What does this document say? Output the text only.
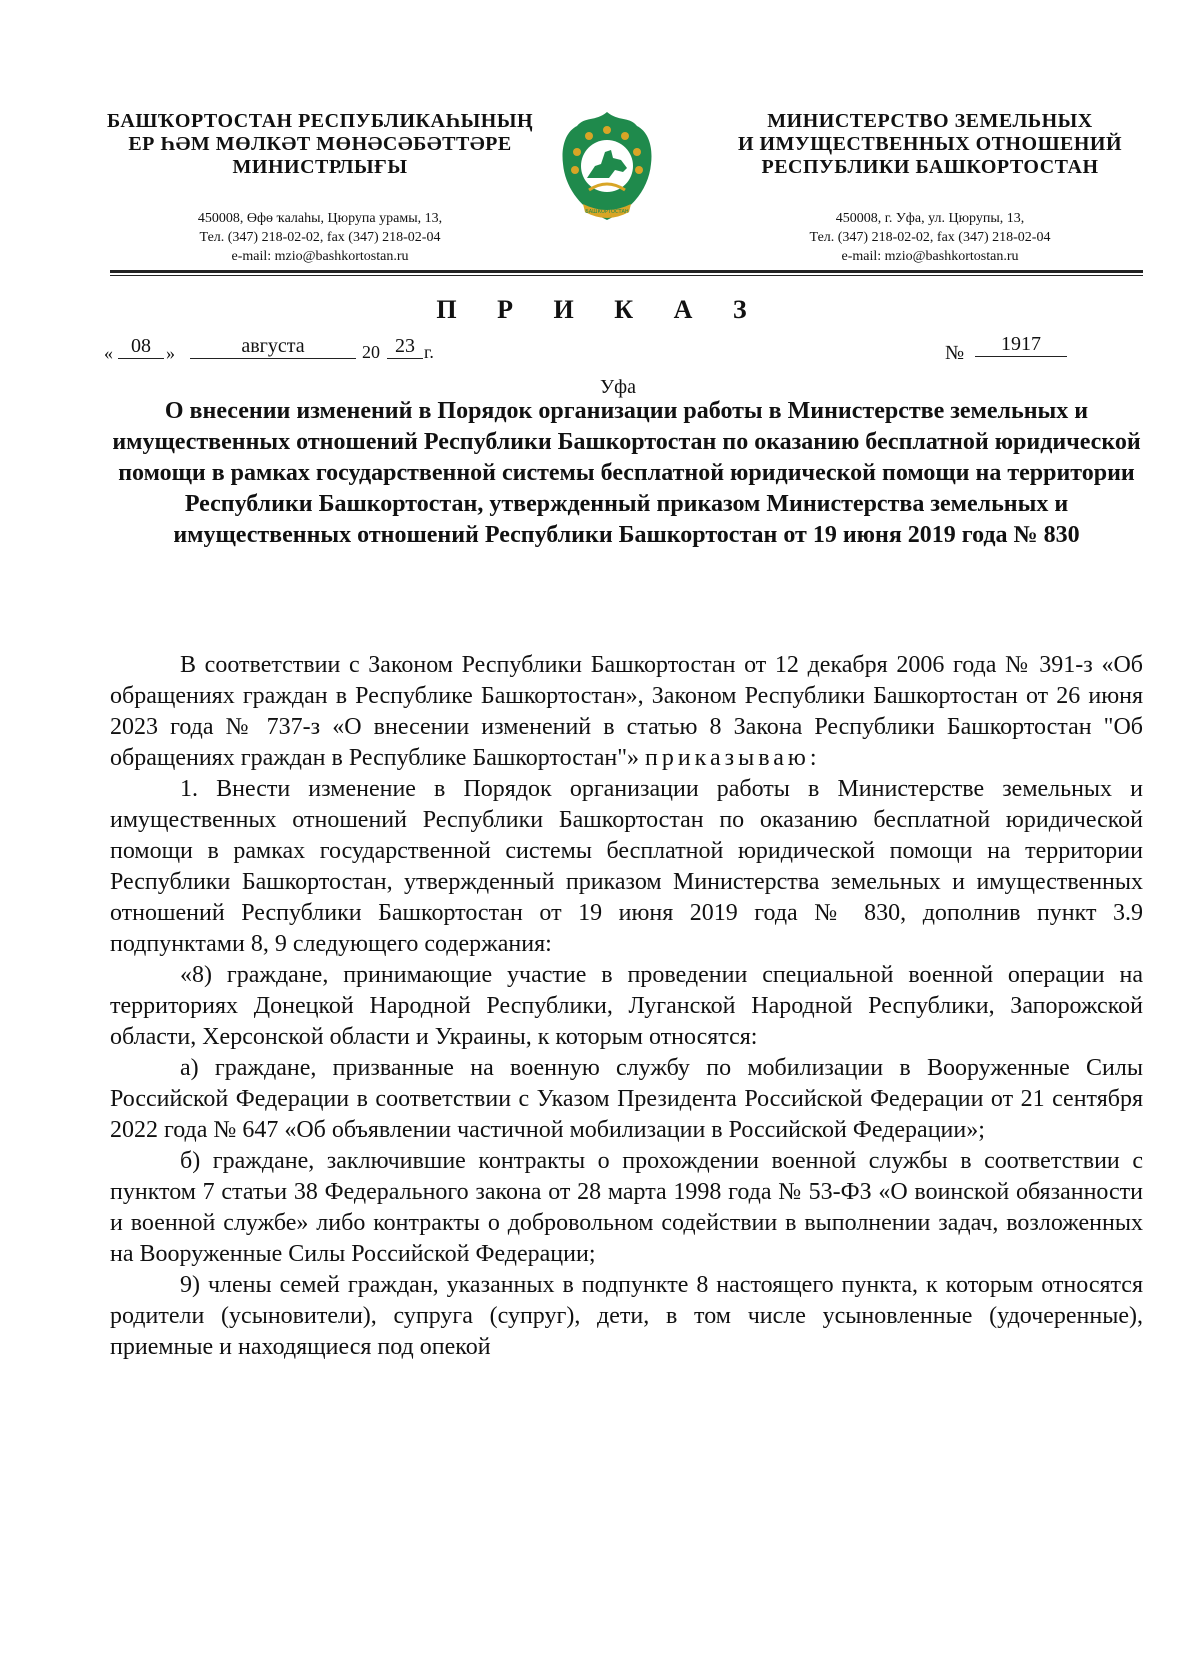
БАШҠОРТОСТАН РЕСПУБЛИКАҺЫНЫҢ
ЕР ҺӘМ МӨЛКӘТ МӨНӘСӘБӘТТӘРЕ
МИНИСТРЛЫҒЫ
450008, Өфө ҡалаһы, Цюрупа урамы, 13,
Тел. (347) 218-02-02, fax (347) 218-02-04
e-mail: mzio@bashkortostan.ru
БАШКОРТОСТАН
МИНИСТЕРСТВО ЗЕМЕЛЬНЫХ
И ИМУЩЕСТВЕННЫХ ОТНОШЕНИЙ
РЕСПУБЛИКИ БАШКОРТОСТАН
450008, г. Уфа, ул. Цюрупы, 13,
Тел. (347) 218-02-02, fax (347) 218-02-04
e-mail: mzio@bashkortostan.ru
П Р И К А З
« 08 »	августа	20 23 г.	№	1917
Уфа
О внесении изменений в Порядок организации работы в Министерстве земельных и имущественных отношений Республики Башкортостан по оказанию бесплатной юридической помощи в рамках государственной системы бесплатной юридической помощи на территории Республики Башкортостан, утвержденный приказом Министерства земельных и имущественных отношений Республики Башкортостан от 19 июня 2019 года № 830

В соответствии с Законом Республики Башкортостан от 12 декабря 2006 года № 391-з «Об обращениях граждан в Республике Башкортостан», Законом Республики Башкортостан от 26 июня 2023 года № 737-з «О внесении изменений в статью 8 Закона Республики Башкортостан "Об обращениях граждан в Республике Башкортостан"» приказываю:

1. Внести изменение в Порядок организации работы в Министерстве земельных и имущественных отношений Республики Башкортостан по оказанию бесплатной юридической помощи в рамках государственной системы бесплатной юридической помощи на территории Республики Башкортостан, утвержденный приказом Министерства земельных и имущественных отношений Республики Башкортостан от 19 июня 2019 года № 830, дополнив пункт 3.9 подпунктами 8, 9 следующего содержания:

«8) граждане, принимающие участие в проведении специальной военной операции на территориях Донецкой Народной Республики, Луганской Народной Республики, Запорожской области, Херсонской области и Украины, к которым относятся:

а) граждане, призванные на военную службу по мобилизации в Вооруженные Силы Российской Федерации в соответствии с Указом Президента Российской Федерации от 21 сентября 2022 года № 647 «Об объявлении частичной мобилизации в Российской Федерации»;

б) граждане, заключившие контракты о прохождении военной службы в соответствии с пунктом 7 статьи 38 Федерального закона от 28 марта 1998 года № 53-ФЗ «О воинской обязанности и военной службе» либо контракты о добровольном содействии в выполнении задач, возложенных на Вооруженные Силы Российской Федерации;

9) члены семей граждан, указанных в подпункте 8 настоящего пункта, к которым относятся родители (усыновители), супруга (супруг), дети, в том числе усыновленные (удочеренные), приемные и находящиеся под опекой
